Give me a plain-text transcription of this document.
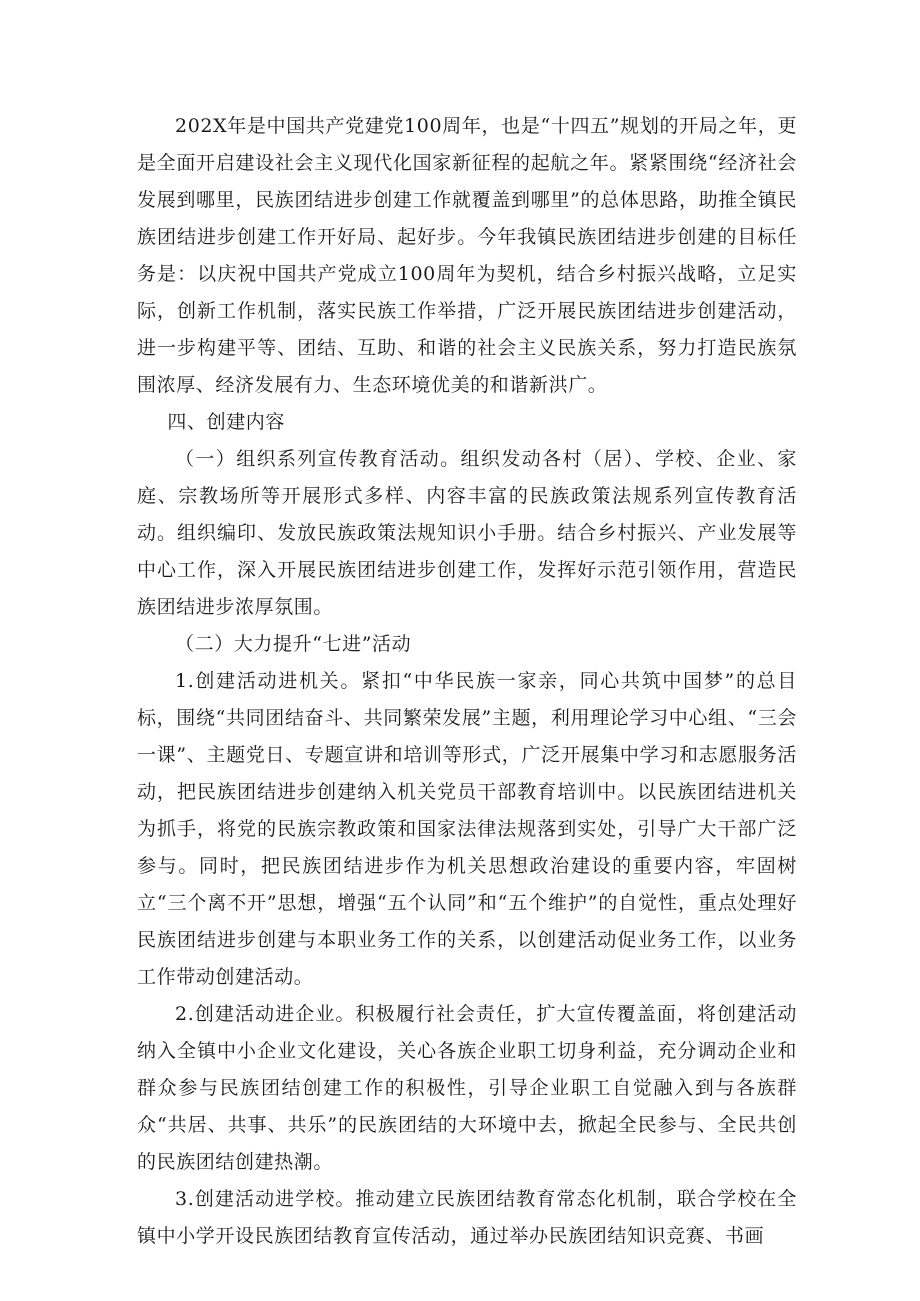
202X年是中国共产党建党100周年，也是“十四五”规划的开局之年，更是全面开启建设社会主义现代化国家新征程的起航之年。紧紧围绕“经济社会发展到哪里，民族团结进步创建工作就覆盖到哪里”的总体思路，助推全镇民族团结进步创建工作开好局、起好步。今年我镇民族团结进步创建的目标任务是：以庆祝中国共产党成立100周年为契机，结合乡村振兴战略，立足实际，创新工作机制，落实民族工作举措，广泛开展民族团结进步创建活动，进一步构建平等、团结、互助、和谐的社会主义民族关系，努力打造民族氛围浓厚、经济发展有力、生态环境优美的和谐新洪广。

四、创建内容

（一）组织系列宣传教育活动。组织发动各村（居）、学校、企业、家庭、宗教场所等开展形式多样、内容丰富的民族政策法规系列宣传教育活动。组织编印、发放民族政策法规知识小手册。结合乡村振兴、产业发展等中心工作，深入开展民族团结进步创建工作，发挥好示范引领作用，营造民族团结进步浓厚氛围。

（二）大力提升“七进”活动

1.创建活动进机关。紧扣“中华民族一家亲，同心共筑中国梦”的总目标，围绕“共同团结奋斗、共同繁荣发展”主题，利用理论学习中心组、“三会一课”、主题党日、专题宣讲和培训等形式，广泛开展集中学习和志愿服务活动，把民族团结进步创建纳入机关党员干部教育培训中。以民族团结进机关为抓手，将党的民族宗教政策和国家法律法规落到实处，引导广大干部广泛参与。同时，把民族团结进步作为机关思想政治建设的重要内容，牢固树立“三个离不开”思想，增强“五个认同”和“五个维护”的自觉性，重点处理好民族团结进步创建与本职业务工作的关系，以创建活动促业务工作，以业务工作带动创建活动。

2.创建活动进企业。积极履行社会责任，扩大宣传覆盖面，将创建活动纳入全镇中小企业文化建设，关心各族企业职工切身利益，充分调动企业和群众参与民族团结创建工作的积极性，引导企业职工自觉融入到与各族群众“共居、共事、共乐”的民族团结的大环境中去，掀起全民参与、全民共创的民族团结创建热潮。

3.创建活动进学校。推动建立民族团结教育常态化机制，联合学校在全镇中小学开设民族团结教育宣传活动，通过举办民族团结知识竞赛、书画
